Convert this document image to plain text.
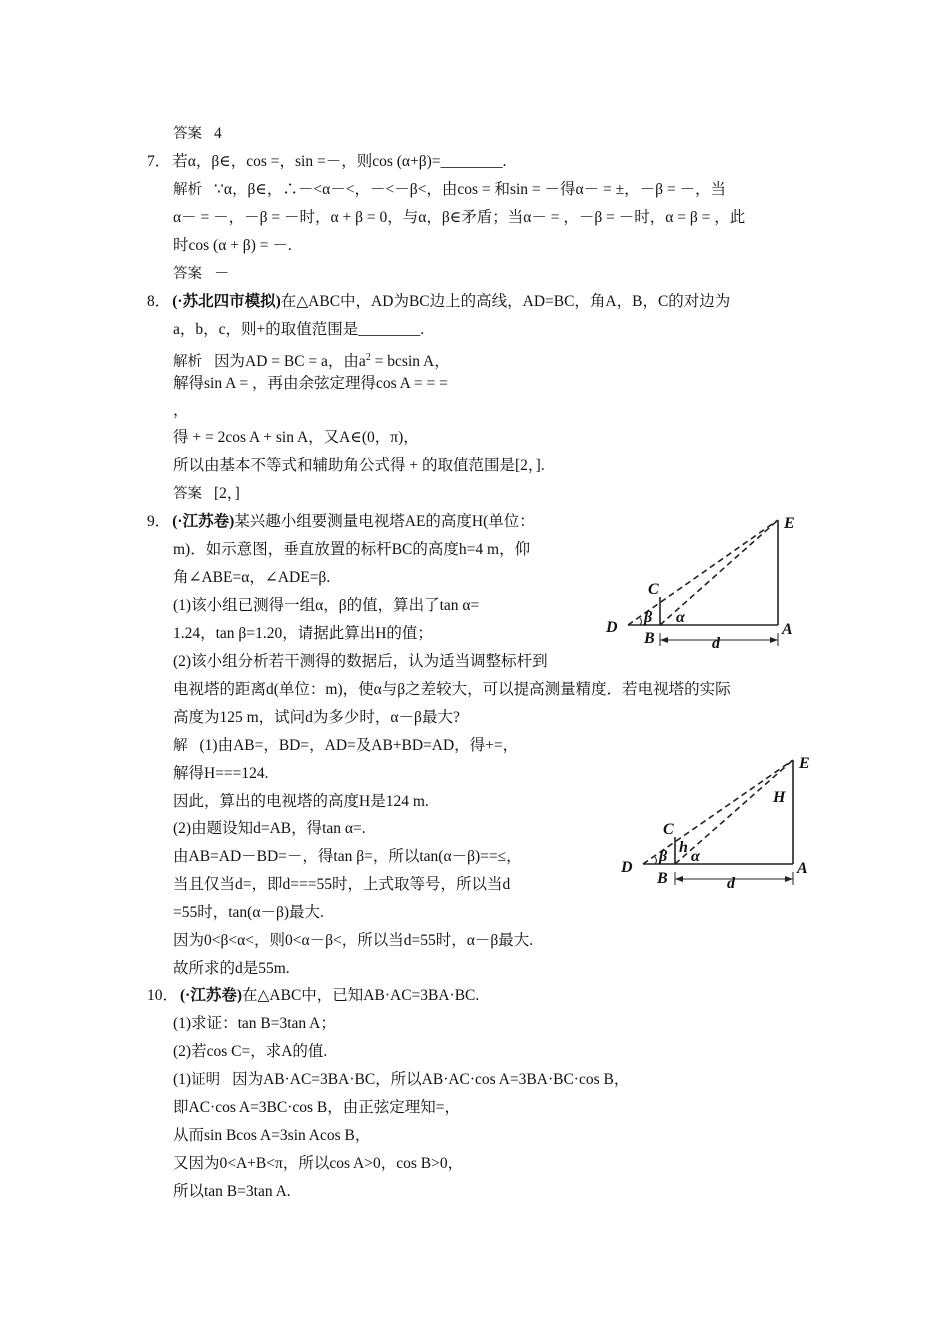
答案 4
7． 若α，β∈，cos =，sin =－，则cos (α+β)=________.
解析 ∵α，β∈，∴－<α－<，－<－β<，由cos = 和sin = －得α－ = ±，－β = －，当
α－ = －，－β = －时，α + β = 0，与α，β∈矛盾；当α－ = ，－β = －时，α = β = ，此
时cos (α + β) = －.
答案 －
8． (·苏北四市模拟)在△ABC中，AD为BC边上的高线，AD=BC，角A，B，C的对边为
a，b，c，则+的取值范围是________.
解析 因为AD = BC = a，由$a^2 = bcsin$ A，
解得sin A = ，再由余弦定理得cos A = = =
，
得 + = 2cos A + sin A，又A∈(0，π)，
所以由基本不等式和辅助角公式得 + 的取值范围是[2，].
答案 [2，]
9． (·江苏卷)某兴趣小组要测量电视塔AE的高度H(单位：
m)．如示意图，垂直放置的标杆BC的高度h=4 m，仰
角∠ABE=α，∠ADE=β.
(1)该小组已测得一组α，β的值，算出了tan α=
1.24，tan β=1.20，请据此算出H的值；
(2)该小组分析若干测得的数据后，认为适当调整标杆到
电视塔的距离d(单位：m)，使α与β之差较大，可以提高测量精度．若电视塔的实际
高度为125 m，试问d为多少时，α－β最大?
解 (1)由AB=，BD=，AD=及AB+BD=AD，得+=，
解得H===124.
因此，算出的电视塔的高度H是124 m.
(2)由题设知d=AB，得tan α=.
由AB=AD－BD=－，得tan β=，所以tan(α－β)==≤，
当且仅当d=，即d===55时，上式取等号，所以当d
=55时，tan(α－β)最大.
因为0<β<α<，则0<α－β<，所以当d=55时，α－β最大.
故所求的d是55m.
E
C
D
B
A
d
α
β
E
H
C
h
D
B
A
d
α
β
10． (·江苏卷)在△ABC中，已知AB·AC=3BA·BC.
(1)求证：tan B=3tan A；
(2)若cos C=，求A的值.
(1)证明 因为AB·AC=3BA·BC，所以AB·AC·cos A=3BA·BC·cos B，
即AC·cos A=3BC·cos B，由正弦定理知=，
从而sin Bcos A=3sin Acos B，
又因为0<A+B<π，所以cos A>0，cos B>0，
所以tan B=3tan A.
